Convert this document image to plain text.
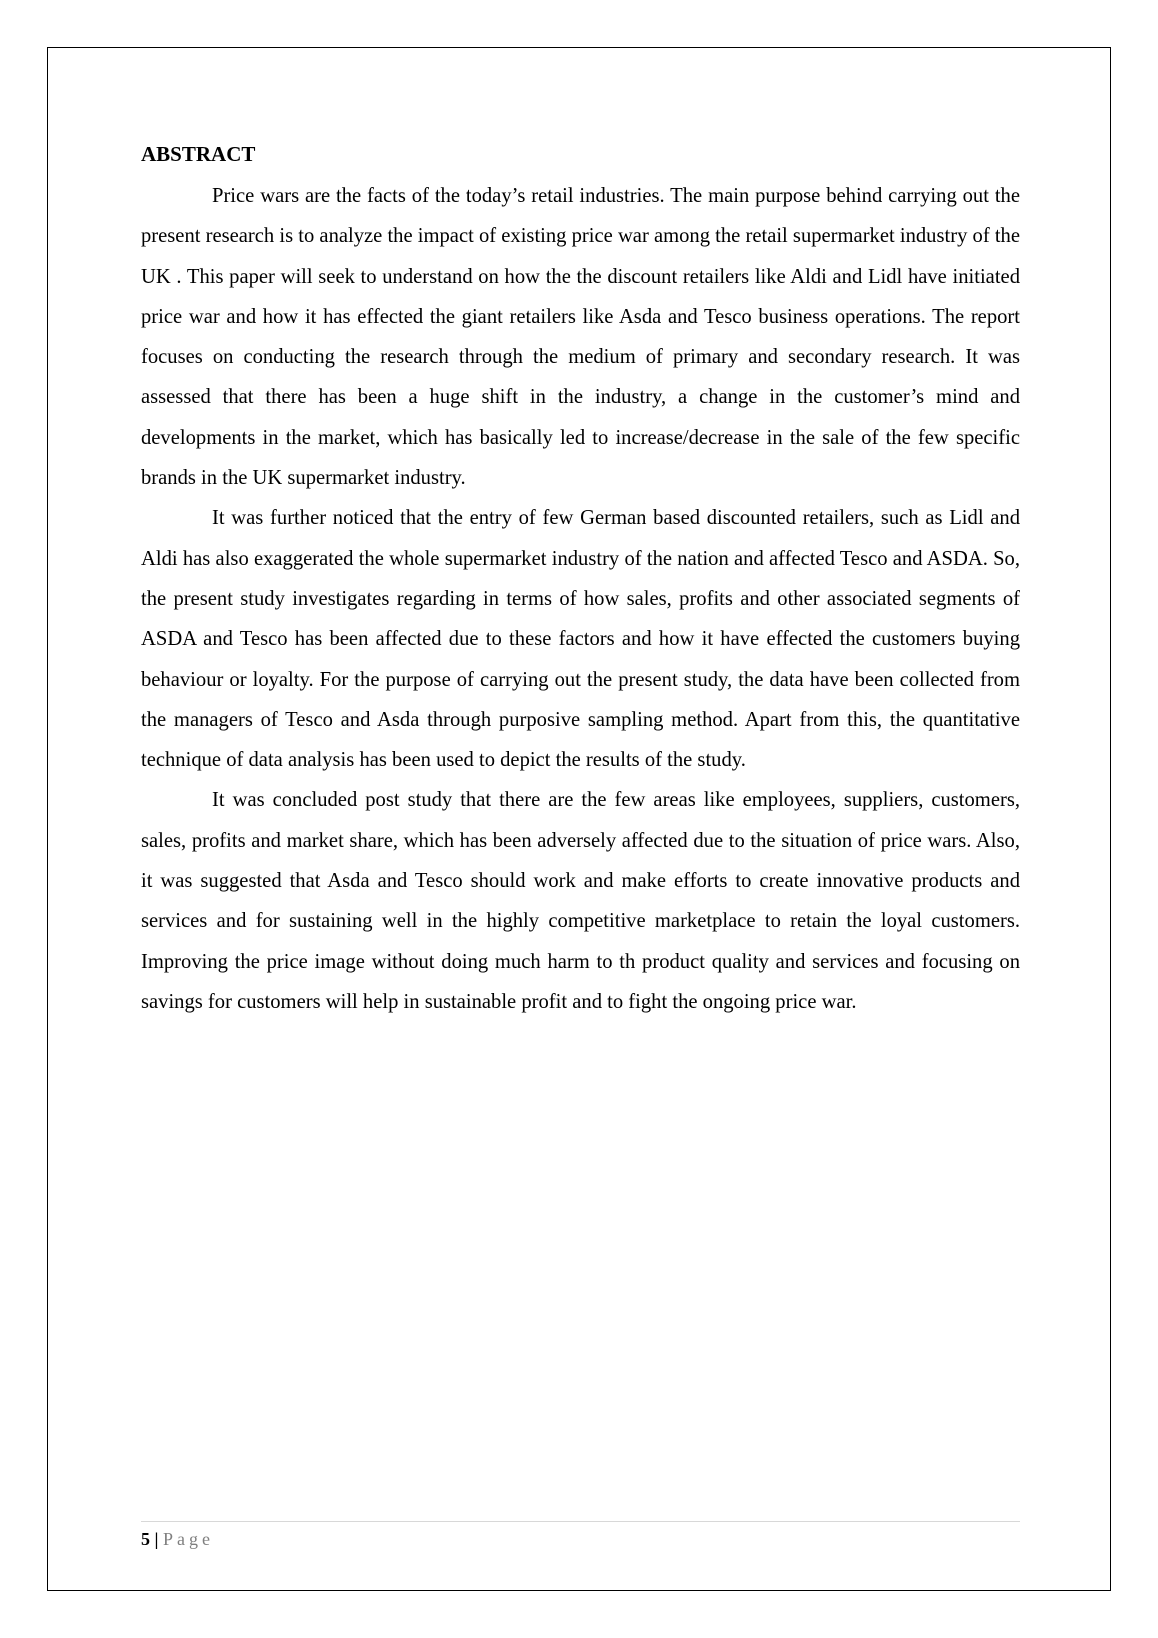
ABSTRACT

Price wars are the facts of the today’s retail industries. The main purpose behind carrying out the present research is to analyze the impact of existing price war among the retail supermarket industry of the UK . This paper will seek to understand on how the the discount retailers like Aldi and Lidl have initiated price war and how it has effected the giant retailers like Asda and Tesco business operations. The report focuses on conducting the research through the medium of primary and secondary research. It was assessed that there has been a huge shift in the industry, a change in the customer’s mind and developments in the market, which has basically led to increase/decrease in the sale of the few specific brands in the UK supermarket industry.

It was further noticed that the entry of few German based discounted retailers, such as Lidl and Aldi has also exaggerated the whole supermarket industry of the nation and affected Tesco and ASDA. So, the present study investigates regarding in terms of how sales, profits and other associated segments of ASDA and Tesco has been affected due to these factors and how it have effected the customers buying behaviour or loyalty. For the purpose of carrying out the present study, the data have been collected from the managers of Tesco and Asda through purposive sampling method. Apart from this, the quantitative technique of data analysis has been used to depict the results of the study.

It was concluded post study that there are the few areas like employees, suppliers, customers, sales, profits and market share, which has been adversely affected due to the situation of price wars. Also, it was suggested that Asda and Tesco should work and make efforts to create innovative products and services and for sustaining well in the highly competitive marketplace to retain the loyal customers. Improving the price image without doing much harm to th product quality and services and focusing on savings for customers will help in sustainable profit and to fight the ongoing price war.

5 | Page
